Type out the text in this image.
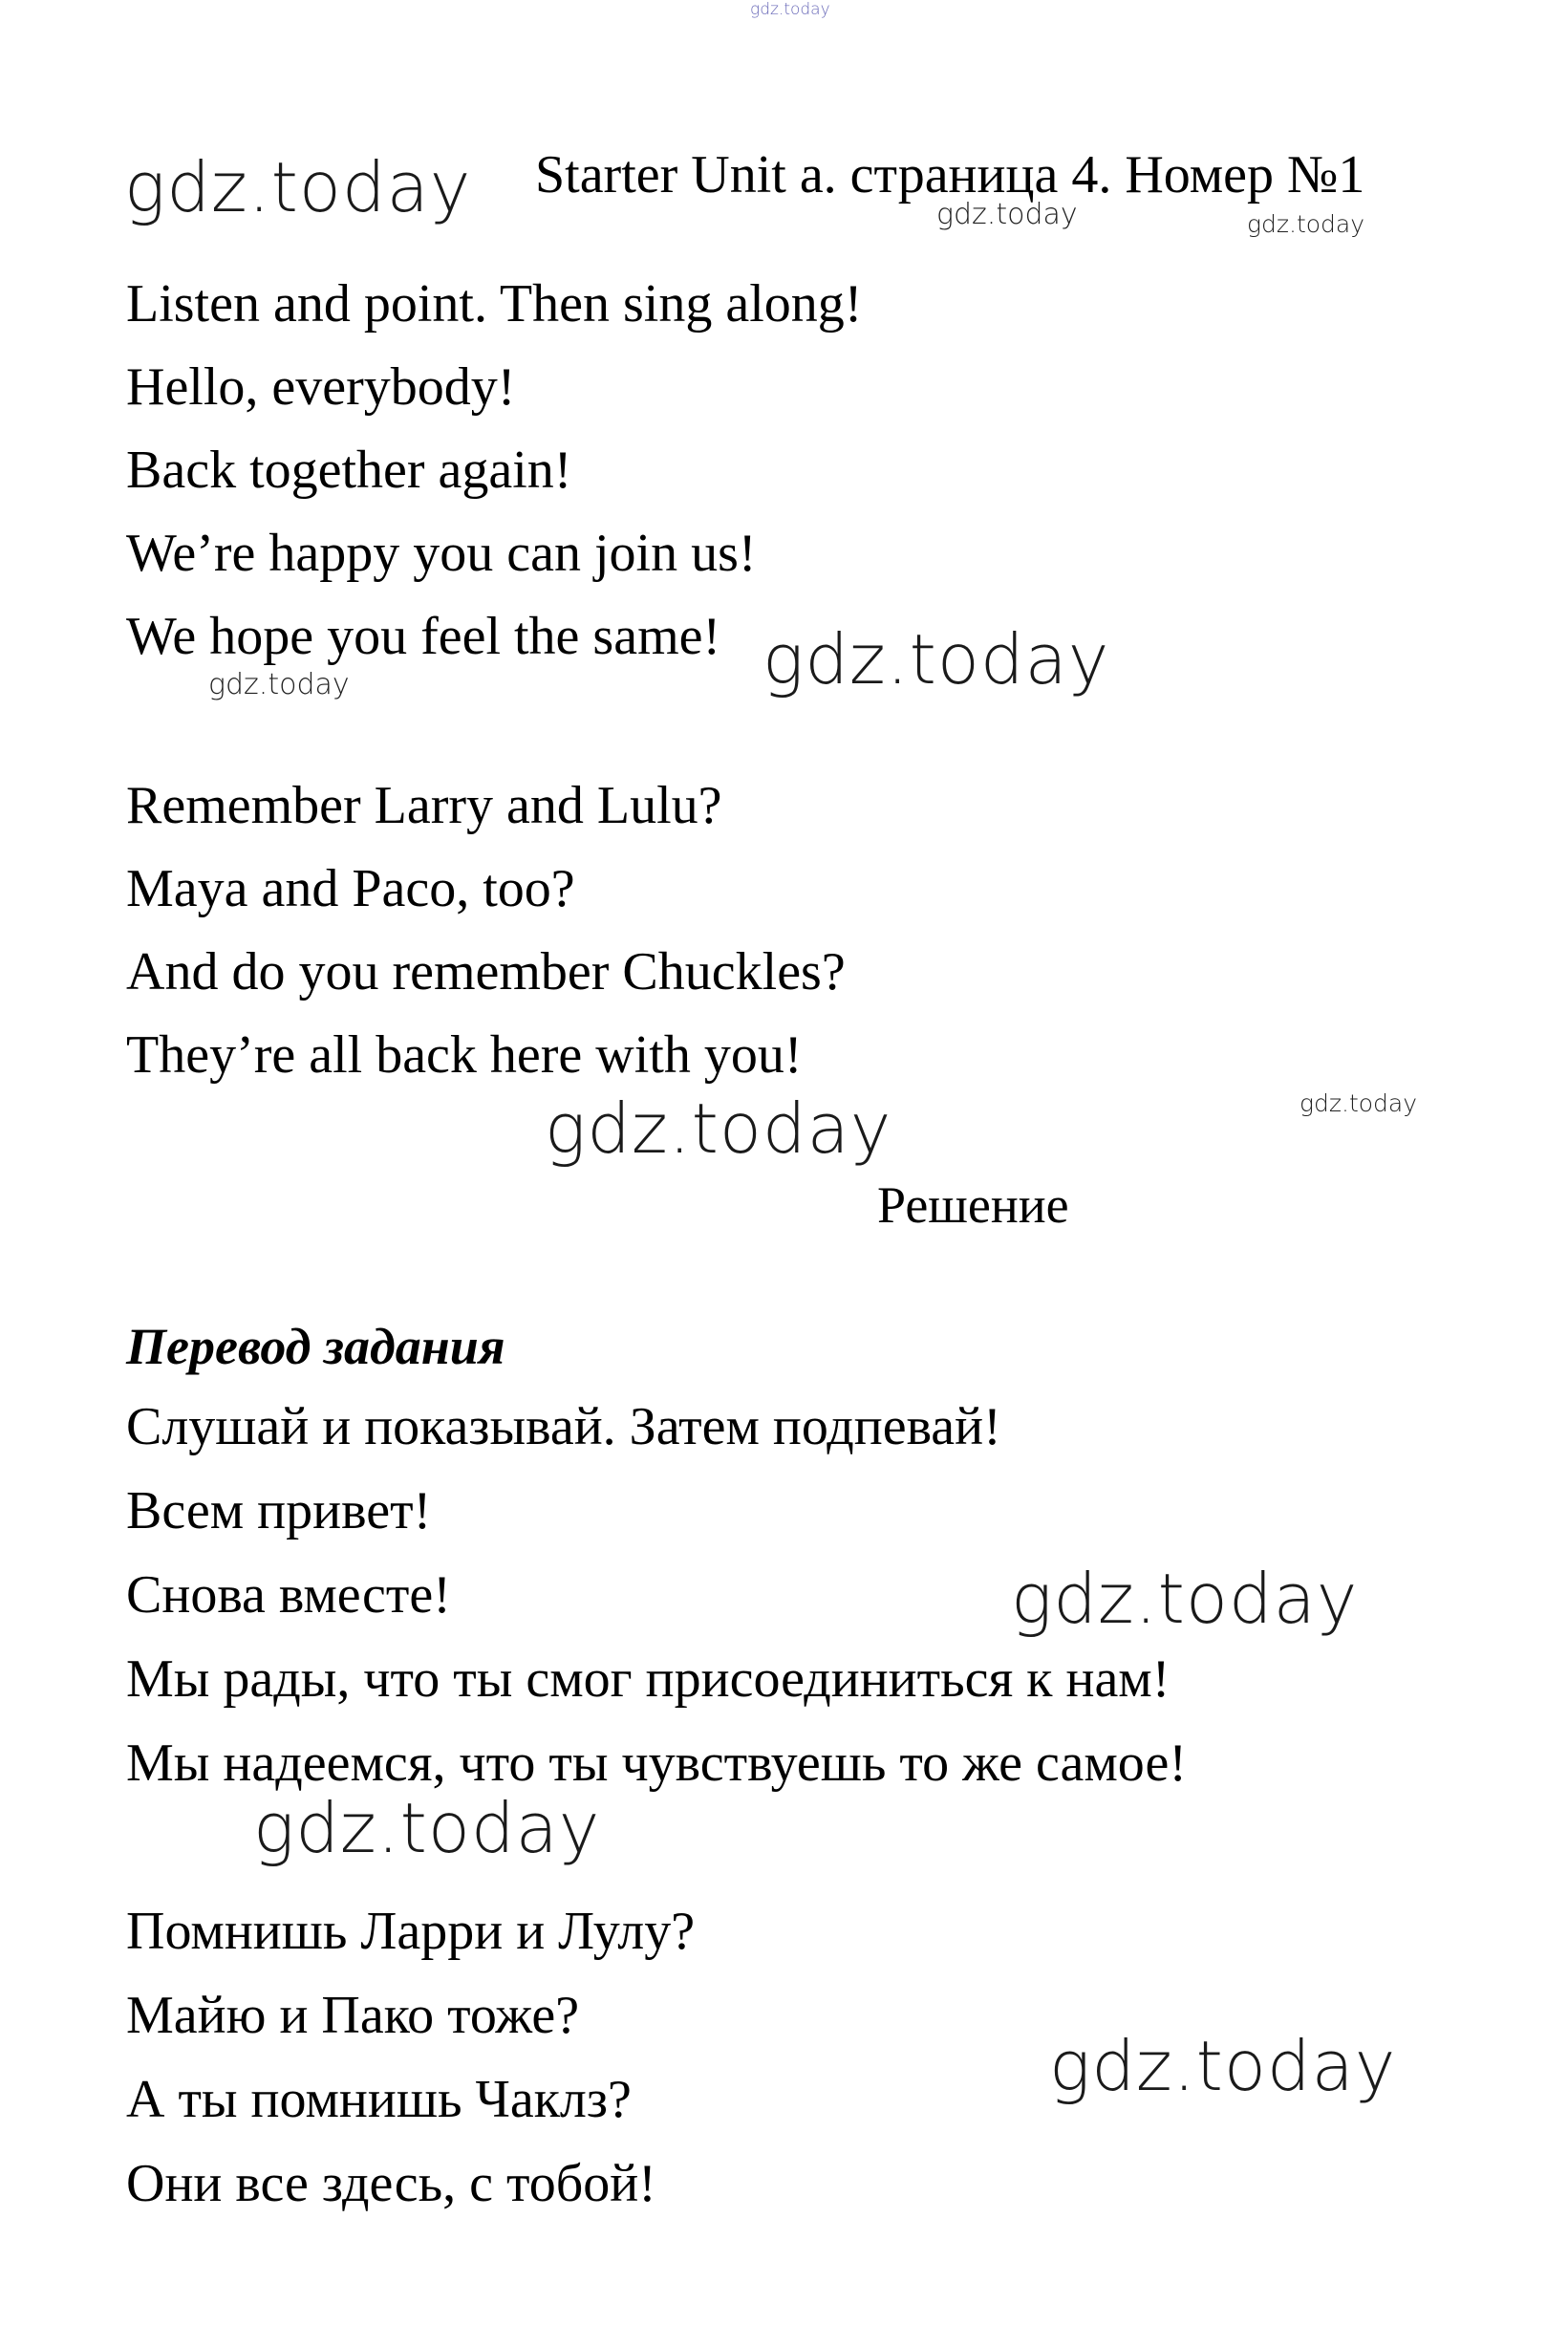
gdz.today
gdz.today	gdz.today	gdz.today
gdz.today	gdz.today
gdz.today
gdz.today
gdz.today
gdz.today
gdz.today
Starter Unit a. страница 4. Номер №1
Listen and point. Then sing along!
Hello, everybody!
Back together again!
We’re happy you can join us!
We hope you feel the same!
Remember Larry and Lulu?
Maya and Paco, too?
And do you remember Chuckles?
They’re all back here with you!
Решение
Перевод задания
Слушай и показывай. Затем подпевай!
Всем привет!
Снова вместе!
Мы рады, что ты смог присоединиться к нам!
Мы надеемся, что ты чувствуешь то же самое!
Помнишь Ларри и Лулу?
Майю и Пако тоже?
А ты помнишь Чаклз?
Они все здесь, с тобой!
